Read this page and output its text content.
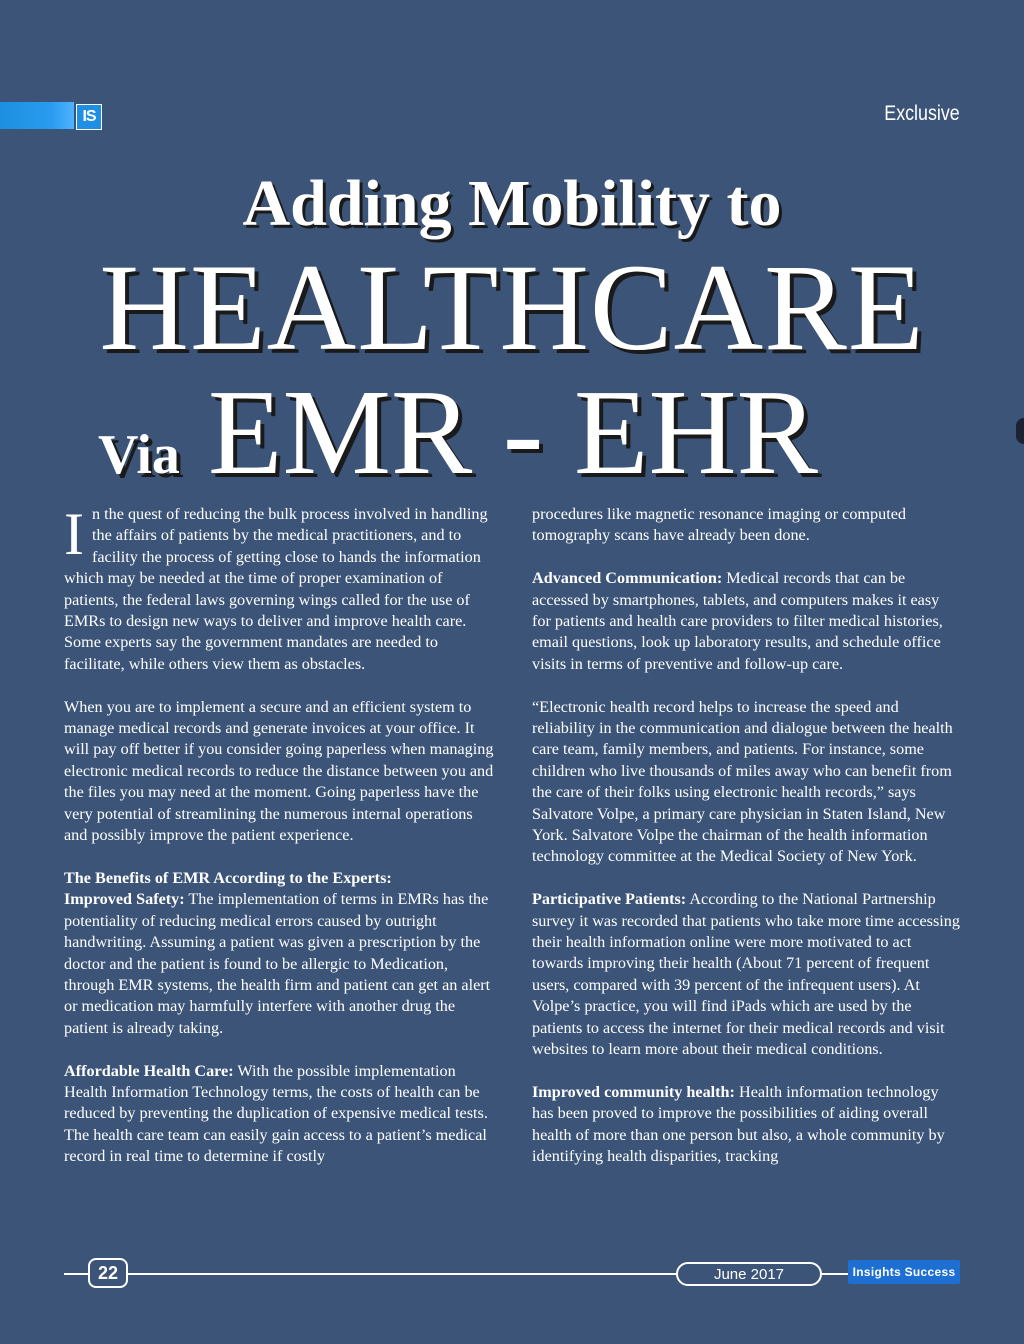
IS	Exclusive
Adding Mobility to
HEALTHCARE
Via EMR - EHR

In the quest of reducing the bulk process involved in handling the affairs of patients by the medical practitioners, and to facility the process of getting close to hands the information which may be needed at the time of proper examination of patients, the federal laws governing wings called for the use of EMRs to design new ways to deliver and improve health care. Some experts say the government mandates are needed to facilitate, while others view them as obstacles.

When you are to implement a secure and an efficient system to manage medical records and generate invoices at your office. It will pay off better if you consider going paperless when managing electronic medical records to reduce the distance between you and the files you may need at the moment. Going paperless have the very potential of streamlining the numerous internal operations and possibly improve the patient experience.

The Benefits of EMR According to the Experts:
Improved Safety: The implementation of terms in EMRs has the potentiality of reducing medical errors caused by outright handwriting. Assuming a patient was given a prescription by the doctor and the patient is found to be allergic to Medication, through EMR systems, the health firm and patient can get an alert or medication may harmfully interfere with another drug the patient is already taking.

Affordable Health Care: With the possible implementation Health Information Technology terms, the costs of health can be reduced by preventing the duplication of expensive medical tests. The health care team can easily gain access to a patient’s medical record in real time to determine if costly

procedures like magnetic resonance imaging or computed tomography scans have already been done.

Advanced Communication: Medical records that can be accessed by smartphones, tablets, and computers makes it easy for patients and health care providers to filter medical histories, email questions, look up laboratory results, and schedule office visits in terms of preventive and follow-up care.

“Electronic health record helps to increase the speed and reliability in the communication and dialogue between the health care team, family members, and patients. For instance, some children who live thousands of miles away who can benefit from the care of their folks using electronic health records,” says Salvatore Volpe, a primary care physician in Staten Island, New York. Salvatore Volpe the chairman of the health information technology committee at the Medical Society of New York.

Participative Patients: According to the National Partnership survey it was recorded that patients who take more time accessing their health information online were more motivated to act towards improving their health (About 71 percent of frequent users, compared with 39 percent of the infrequent users). At Volpe’s practice, you will find iPads which are used by the patients to access the internet for their medical records and visit websites to learn more about their medical conditions.

Improved community health: Health information technology has been proved to improve the possibilities of aiding overall health of more than one person but also, a whole community by identifying health disparities, tracking

22	June 2017	Insights Success
